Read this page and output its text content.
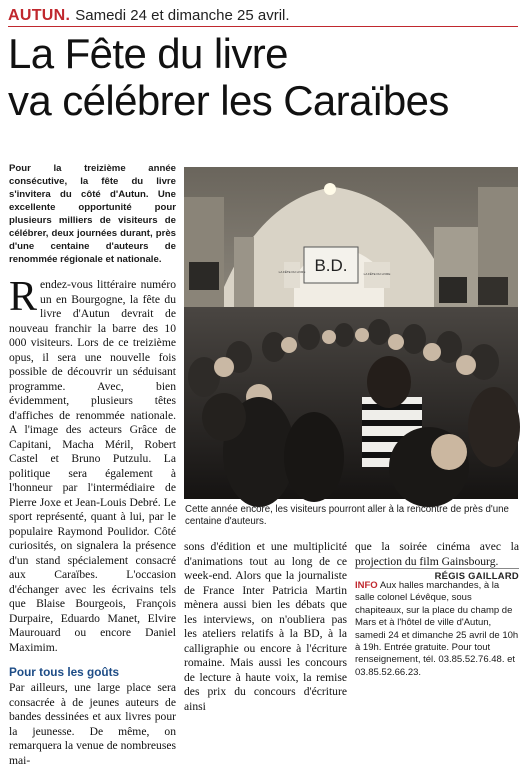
AUTUN. Samedi 24 et dimanche 25 avril.
La Fête du livre
va célébrer les Caraïbes

Pour la treizième année consécutive, la fête du livre s'invitera du côté d'Autun. Une excellente opportunité pour plusieurs milliers de visiteurs de célébrer, deux journées durant, près d'une centaine d'auteurs de renommée régionale et nationale.

Rendez-vous littéraire numéro un en Bourgogne, la fête du livre d'Autun devrait de nouveau franchir la barre des 10 000 visiteurs. Lors de ce treizième opus, il sera une nouvelle fois possible de découvrir un séduisant programme. Avec, bien évidemment, plusieurs têtes d'affiches de renommée nationale. A l'image des acteurs Grâce de Capitani, Macha Méril, Robert Castel et Bruno Putzulu. La politique sera également à l'honneur par l'intermédiaire de Pierre Joxe et Jean-Louis Debré. Le sport représenté, quant à lui, par le populaire Raymond Poulidor. Côté curiosités, on signalera la présence d'un stand spécialement consacré aux Caraïbes. L'occasion d'échanger avec les écrivains tels que Blaise Bourgeois, François Durpaire, Eduardo Manet, Elvire Maurouard ou encore Daniel Maximim.

Pour tous les goûts

Par ailleurs, une large place sera consacrée à de jeunes auteurs de bandes dessinées et aux livres pour la jeunesse. De même, on remarquera la venue de nombreuses mai-

B.D.
LA FÊTE DU LIVRE	LA FÊTE DU LIVRE

Cette année encore, les visiteurs pourront aller à la rencontre de près d'une centaine d'auteurs.

sons d'édition et une multiplicité d'animations tout au long de ce week-end. Alors que la journaliste de France Inter Patricia Martin mènera aussi bien les débats que les interviews, on n'oubliera pas les ateliers relatifs à la BD, à la calligraphie ou encore à l'écriture romaine. Mais aussi les concours de lecture à haute voix, la remise des prix du concours d'écriture ainsi

que la soirée cinéma avec la projection du film Gainsbourg.

RÉGIS GAILLARD

INFO Aux halles marchandes, à la salle colonel Lévêque, sous chapiteaux, sur la place du champ de Mars et à l'hôtel de ville d'Autun, samedi 24 et dimanche 25 avril de 10h à 19h. Entrée gratuite. Pour tout renseignement, tél. 03.85.52.76.48. et 03.85.52.66.23.
